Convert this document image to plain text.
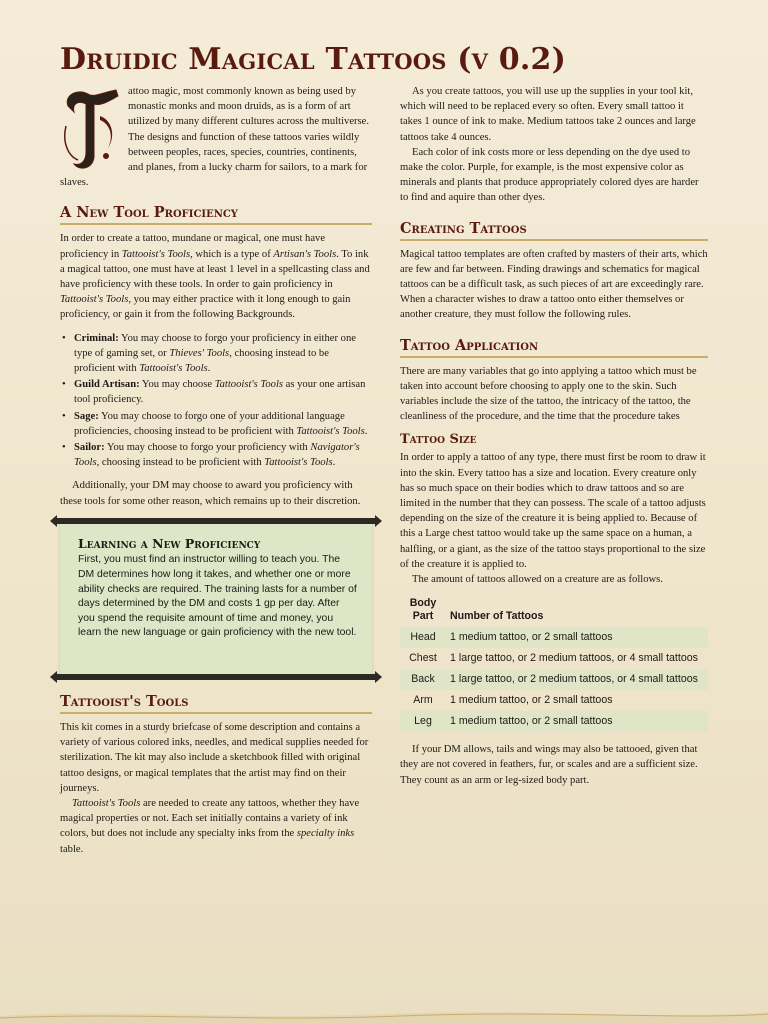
Druidic Magical Tattoos (v 0.2)

attoo magic, most commonly known as being used by monastic monks and moon druids, as is a form of art utilized by many different cultures across the multiverse. The designs and function of these tattoos varies wildly between peoples, races, species, countries, continents, and planes, from a lucky charm for sailors, to a mark for slaves.

A New Tool Proficiency

In order to create a tattoo, mundane or magical, one must have proficiency in Tattooist's Tools, which is a type of Artisan's Tools. To ink a magical tattoo, one must have at least 1 level in a spellcasting class and have proficiency with these tools. In order to gain proficiency in Tattooist's Tools, you may either practice with it long enough to gain proficiency, or gain it from the following Backgrounds.

• Criminal: You may choose to forgo your proficiency in either one type of gaming set, or Thieves' Tools, choosing instead to be proficient with Tattooist's Tools.
• Guild Artisan: You may choose Tattooist's Tools as your one artisan tool proficiency.
• Sage: You may choose to forgo one of your additional language proficiencies, choosing instead to be proficient with Tattooist's Tools.
• Sailor: You may choose to forgo your proficiency with Navigator's Tools, choosing instead to be proficient with Tattooist's Tools.

Additionally, your DM may choose to award you proficiency with these tools for some other reason, which remains up to their discretion.

Learning a New Proficiency

First, you must find an instructor willing to teach you. The DM determines how long it takes, and whether one or more ability checks are required. The training lasts for a number of days determined by the DM and costs 1 gp per day. After you spend the requisite amount of time and money, you learn the new language or gain proficiency with the new tool.

Tattooist's Tools

This kit comes in a sturdy briefcase of some description and contains a variety of various colored inks, needles, and medical supplies needed for sterilization. The kit may also include a sketchbook filled with original tattoo designs, or magical templates that the artist may find on their journeys.

Tattooist's Tools are needed to create any tattoos, whether they have magical properties or not. Each set initially contains a variety of ink colors, but does not include any specialty inks from the specialty inks table.

As you create tattoos, you will use up the supplies in your tool kit, which will need to be replaced every so often. Every small tattoo it takes 1 ounce of ink to make. Medium tattoos take 2 ounces and large tattoos take 4 ounces.

Each color of ink costs more or less depending on the dye used to make the color. Purple, for example, is the most expensive color as minerals and plants that produce appropriately colored dyes are harder to find and aquire than other dyes.

Creating Tattoos

Magical tattoo templates are often crafted by masters of their arts, which are few and far between. Finding drawings and schematics for magical tattoos can be a difficult task, as such pieces of art are exceedingly rare. When a character wishes to draw a tattoo onto either themselves or another creature, they must follow the following rules.

Tattoo Application

There are many variables that go into applying a tattoo which must be taken into account before choosing to apply one to the skin. Such variables include the size of the tattoo, the intricacy of the tattoo, the cleanliness of the procedure, and the time that the procedure takes

Tattoo Size

In order to apply a tattoo of any type, there must first be room to draw it into the skin. Every tattoo has a size and location. Every creature only has so much space on their bodies which to draw tattoos and so are limited in the number that they can possess. The scale of a tattoo adjusts depending on the size of the creature it is being applied to. Because of this a Large chest tattoo would take up the same space on a human, a halfling, or a giant, as the size of the tattoo stays proportional to the size of the creature it is applied to.

The amount of tattoos allowed on a creature are as follows.

Body Part	Number of Tattoos
Head	1 medium tattoo, or 2 small tattoos
Chest	1 large tattoo, or 2 medium tattoos, or 4 small tattoos
Back	1 large tattoo, or 2 medium tattoos, or 4 small tattoos
Arm	1 medium tattoo, or 2 small tattoos
Leg	1 medium tattoo, or 2 small tattoos

If your DM allows, tails and wings may also be tattooed, given that they are not covered in feathers, fur, or scales and are a sufficient size. They count as an arm or leg-sized body part.
